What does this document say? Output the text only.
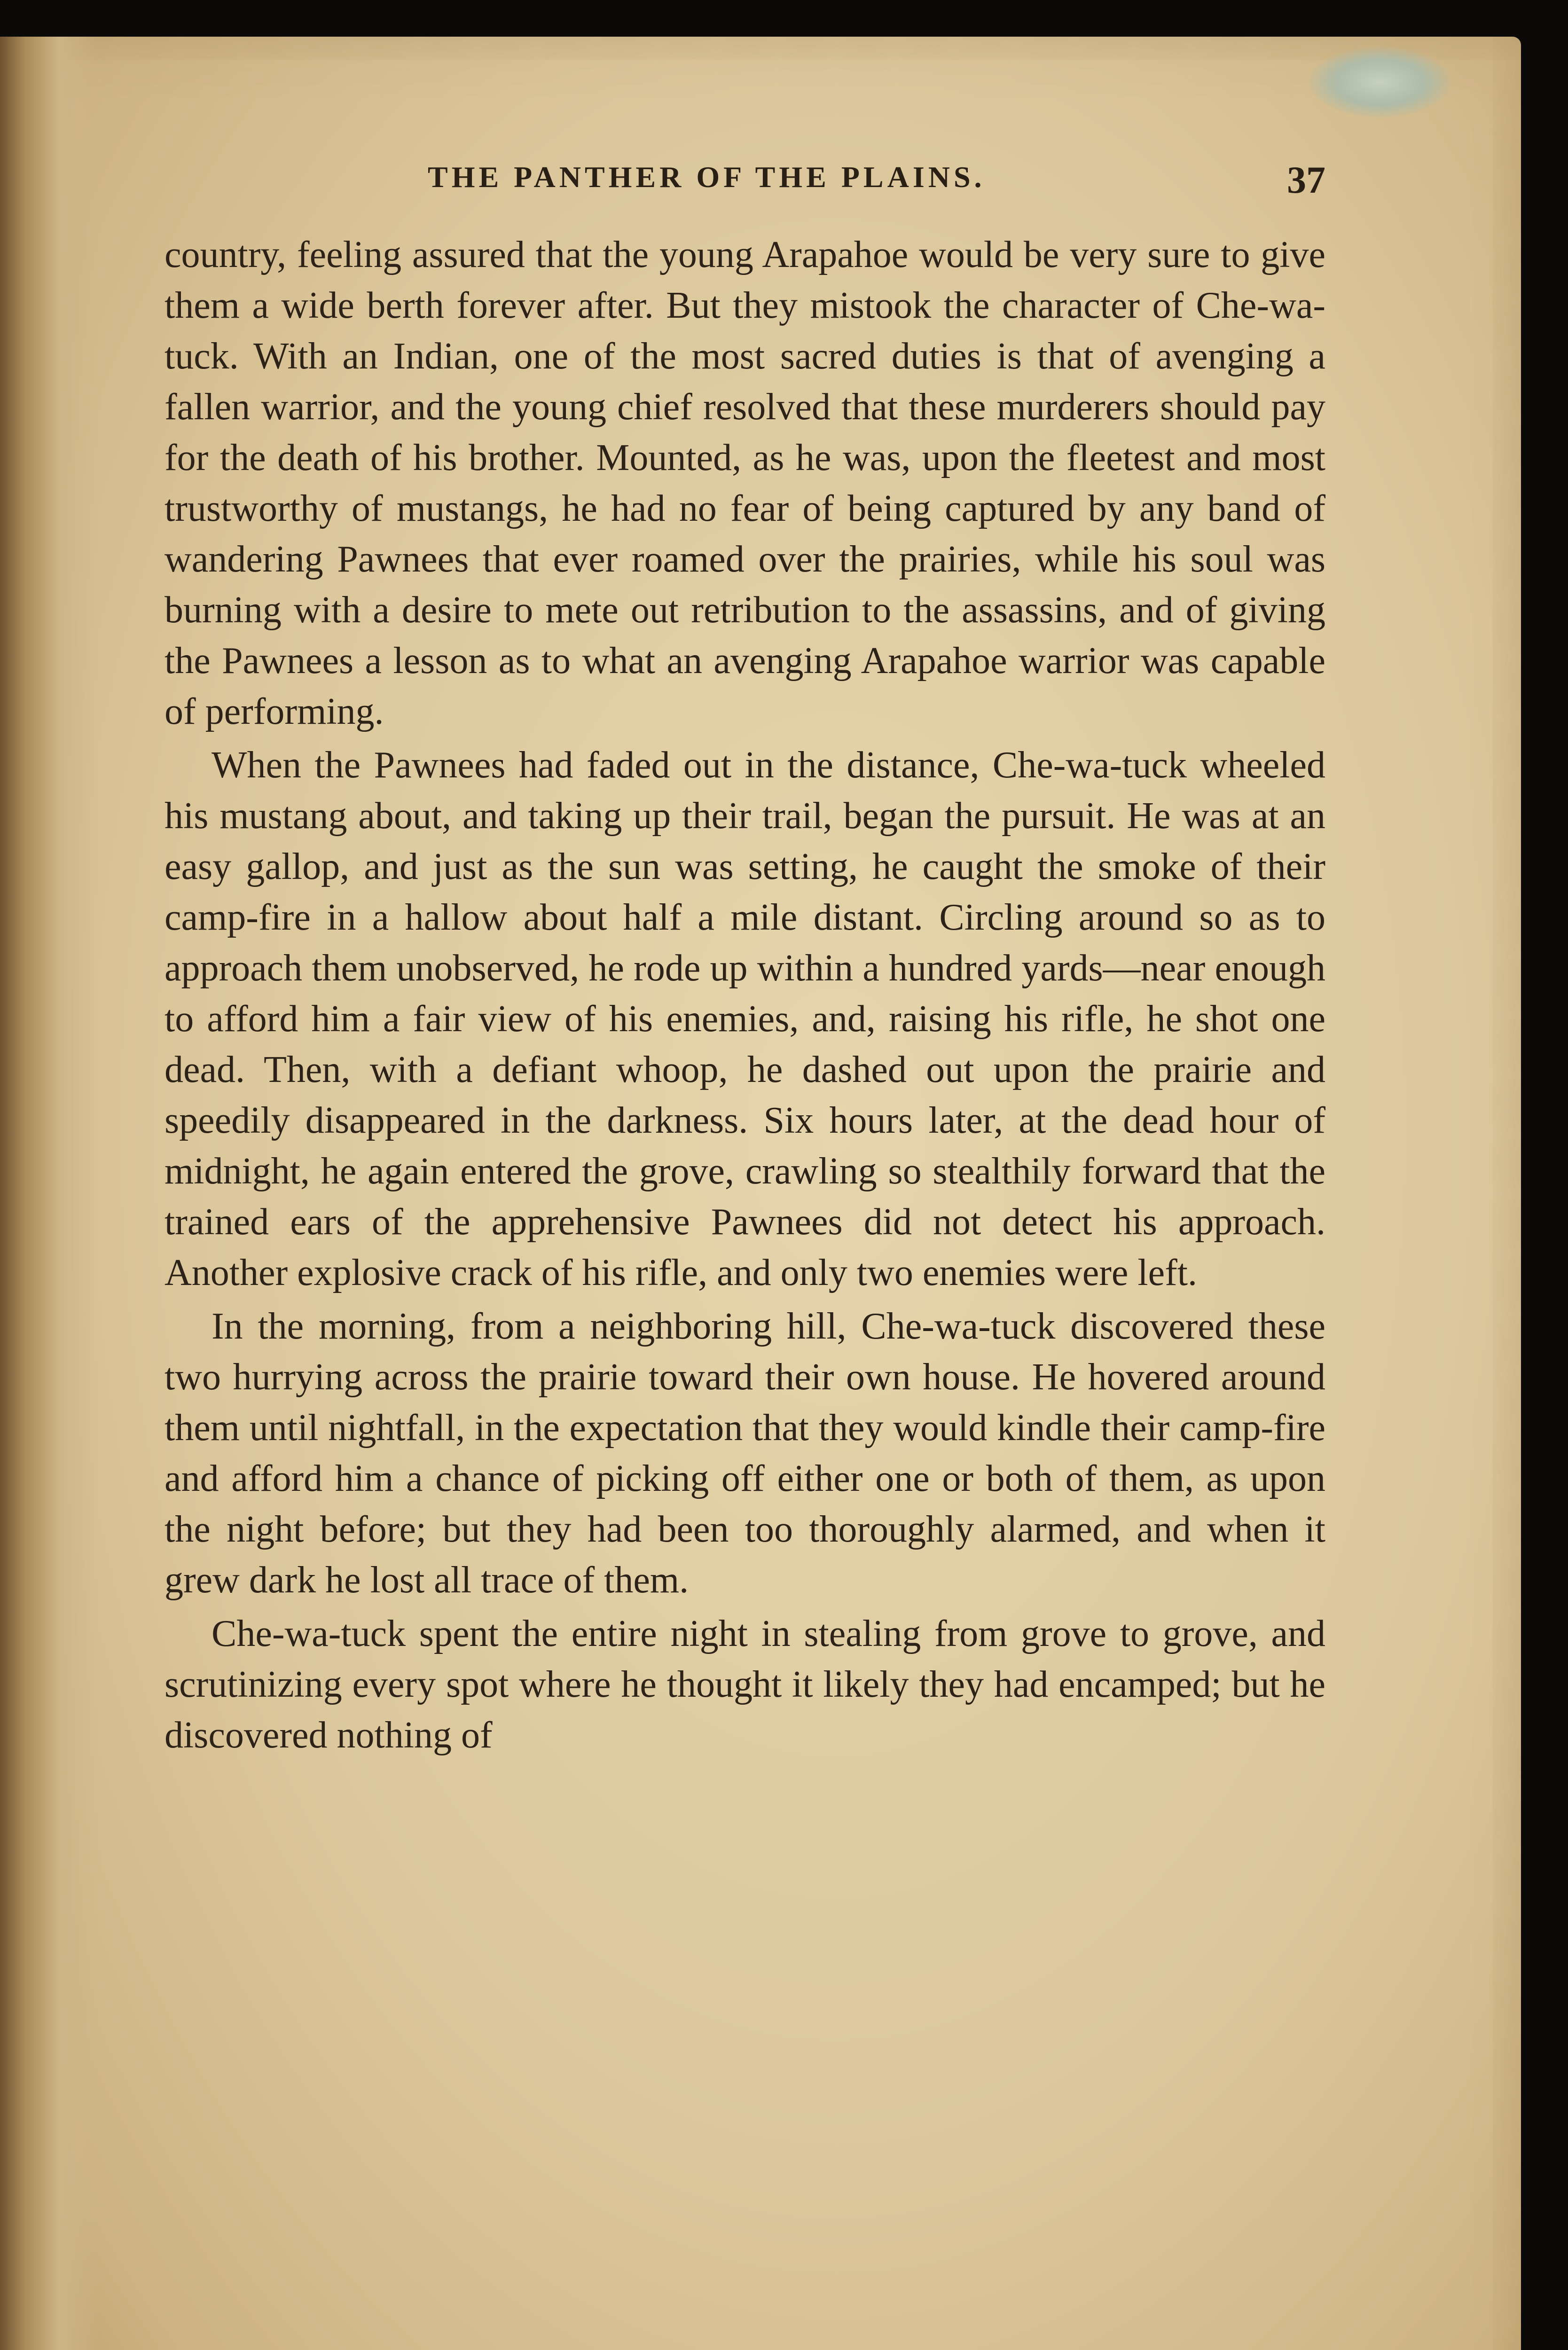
THE PANTHER OF THE PLAINS.	37

country, feeling assured that the young Arapahoe would be very sure to give them a wide berth forever after. But they mistook the character of Che-wa-tuck. With an Indian, one of the most sacred duties is that of avenging a fallen warrior, and the young chief resolved that these murderers should pay for the death of his brother. Mounted, as he was, upon the fleetest and most trustworthy of mustangs, he had no fear of being captured by any band of wandering Pawnees that ever roamed over the prairies, while his soul was burning with a desire to mete out retribution to the assassins, and of giving the Pawnees a lesson as to what an avenging Arapahoe warrior was capable of performing.

When the Pawnees had faded out in the distance, Che-wa-tuck wheeled his mustang about, and taking up their trail, began the pursuit. He was at an easy gallop, and just as the sun was setting, he caught the smoke of their camp-fire in a hallow about half a mile distant. Circling around so as to approach them unobserved, he rode up within a hundred yards—near enough to afford him a fair view of his enemies, and, raising his rifle, he shot one dead. Then, with a defiant whoop, he dashed out upon the prairie and speedily disappeared in the darkness. Six hours later, at the dead hour of midnight, he again entered the grove, crawling so stealthily forward that the trained ears of the apprehensive Pawnees did not detect his approach. Another explosive crack of his rifle, and only two enemies were left.

In the morning, from a neighboring hill, Che-wa-tuck discovered these two hurrying across the prairie toward their own house. He hovered around them until nightfall, in the expectation that they would kindle their camp-fire and afford him a chance of picking off either one or both of them, as upon the night before; but they had been too thoroughly alarmed, and when it grew dark he lost all trace of them.

Che-wa-tuck spent the entire night in stealing from grove to grove, and scrutinizing every spot where he thought it likely they had encamped; but he discovered nothing of
